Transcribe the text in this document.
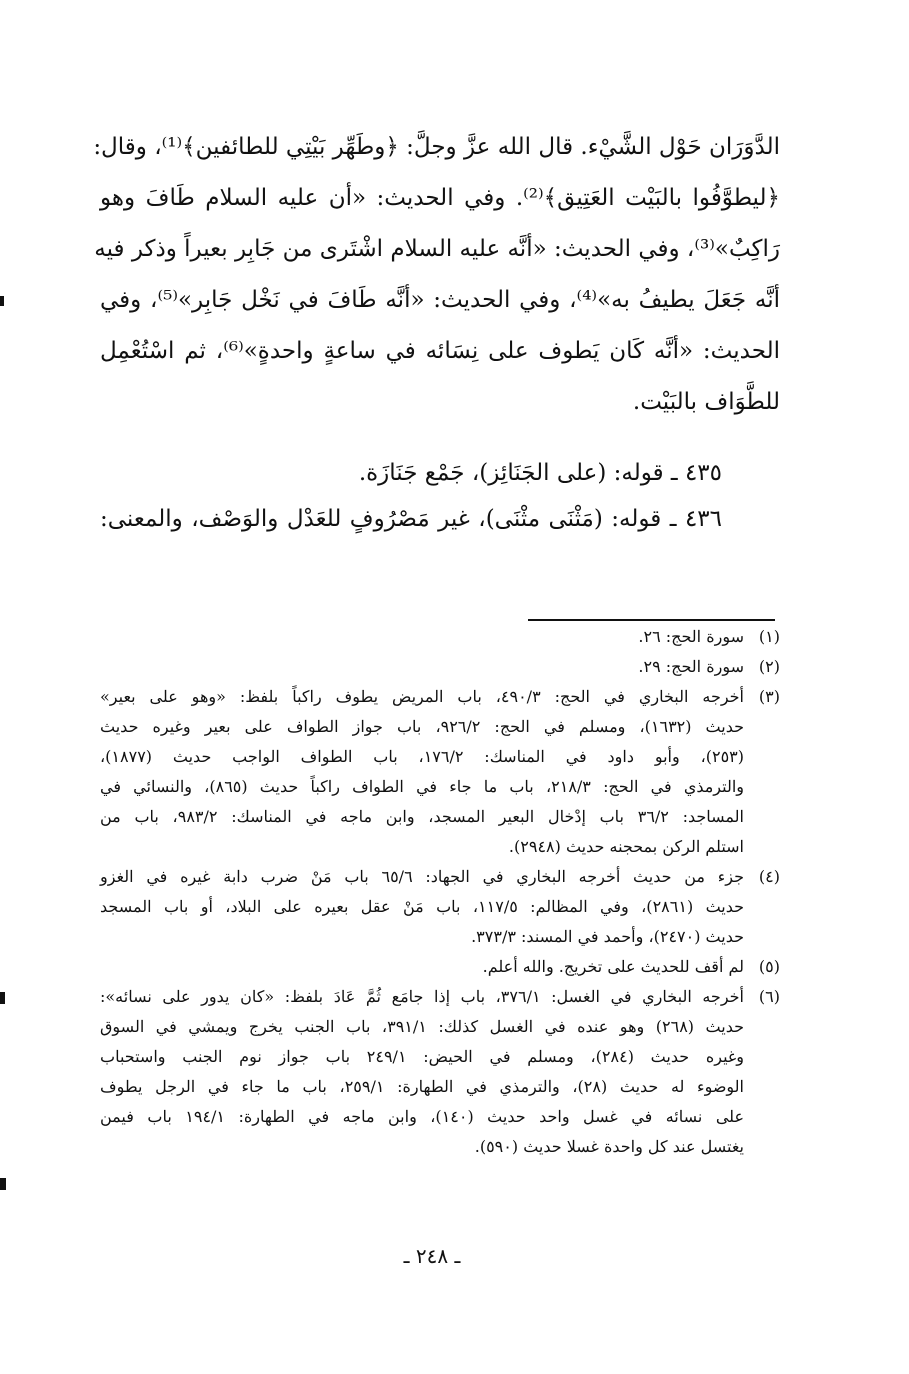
الدَّوَرَان حَوْل الشَّيْء. قال الله عزَّ وجلَّ: ﴿وطَهِّر بَيْتِي للطائفين﴾⁽¹⁾، وقال:

﴿ليطوَّفُوا بالبَيْت العَتِيق﴾⁽²⁾. وفي الحديث: «أن عليه السلام طَافَ وهو

رَاكِبٌ»⁽³⁾، وفي الحديث: «أنَّه عليه السلام اشْتَرى من جَابِر بعيراً وذكر فيه

أنَّه جَعَلَ يطيفُ به»⁽⁴⁾، وفي الحديث: «أنَّه طَافَ في نَخْل جَابِر»⁽⁵⁾، وفي

الحديث: «أنَّه كَان يَطوف على نِسَائه في ساعةٍ واحدةٍ»⁽⁶⁾، ثم اسْتُعْمِل

للطَّوَاف بالبَيْت.

٤٣٥ ـ قوله: (على الجَنَائِز)، جَمْع جَنَازَة.

٤٣٦ ـ قوله: (مَثْنَى مثْنَى)، غير مَصْرُوفٍ للعَدْل والوَصْف، والمعنى:

(١)
سورة الحج: ٢٦.
(٢)
سورة الحج: ٢٩.
(٣)
أخرجه البخاري في الحج: ٤٩٠/٣، باب المريض يطوف راكباً بلفظ: «وهو على بعير»
حديث (١٦٣٢)، ومسلم في الحج: ٩٢٦/٢، باب جواز الطواف على بعير وغيره حديث
(٢٥٣)، وأبو داود في المناسك: ١٧٦/٢، باب الطواف الواجب حديث (١٨٧٧)،
والترمذي في الحج: ٢١٨/٣، باب ما جاء في الطواف راكباً حديث (٨٦٥)، والنسائي في
المساجد: ٣٦/٢ باب إدْخال البعير المسجد، وابن ماجه في المناسك: ٩٨٣/٢، باب من
استلم الركن بمحجنه حديث (٢٩٤٨).
(٤)
جزء من حديث أخرجه البخاري في الجهاد: ٦٥/٦ باب مَنْ ضرب دابة غيره في الغزو
حديث (٢٨٦١)، وفي المظالم: ١١٧/٥، باب مَنْ عقل بعيره على البلاد، أو باب المسجد
حديث (٢٤٧٠)، وأحمد في المسند: ٣٧٣/٣.
(٥)
لم أقف للحديث على تخريج. والله أعلم.
(٦)
أخرجه البخاري في الغسل: ٣٧٦/١، باب إذا جامَع ثُمَّ عَادَ بلفظ: «كان يدور على نسائه»:
حديث (٢٦٨) وهو عنده في الغسل كذلك: ٣٩١/١، باب الجنب يخرج ويمشي في السوق
وغيره حديث (٢٨٤)، ومسلم في الحيض: ٢٤٩/١ باب جواز نوم الجنب واستحباب
الوضوء له حديث (٢٨)، والترمذي في الطهارة: ٢٥٩/١، باب ما جاء في الرجل يطوف
على نسائه في غسل واحد حديث (١٤٠)، وابن ماجه في الطهارة: ١٩٤/١ باب فيمن
يغتسل عند كل واحدة غسلا حديث (٥٩٠).
ـ ٢٤٨ ـ
